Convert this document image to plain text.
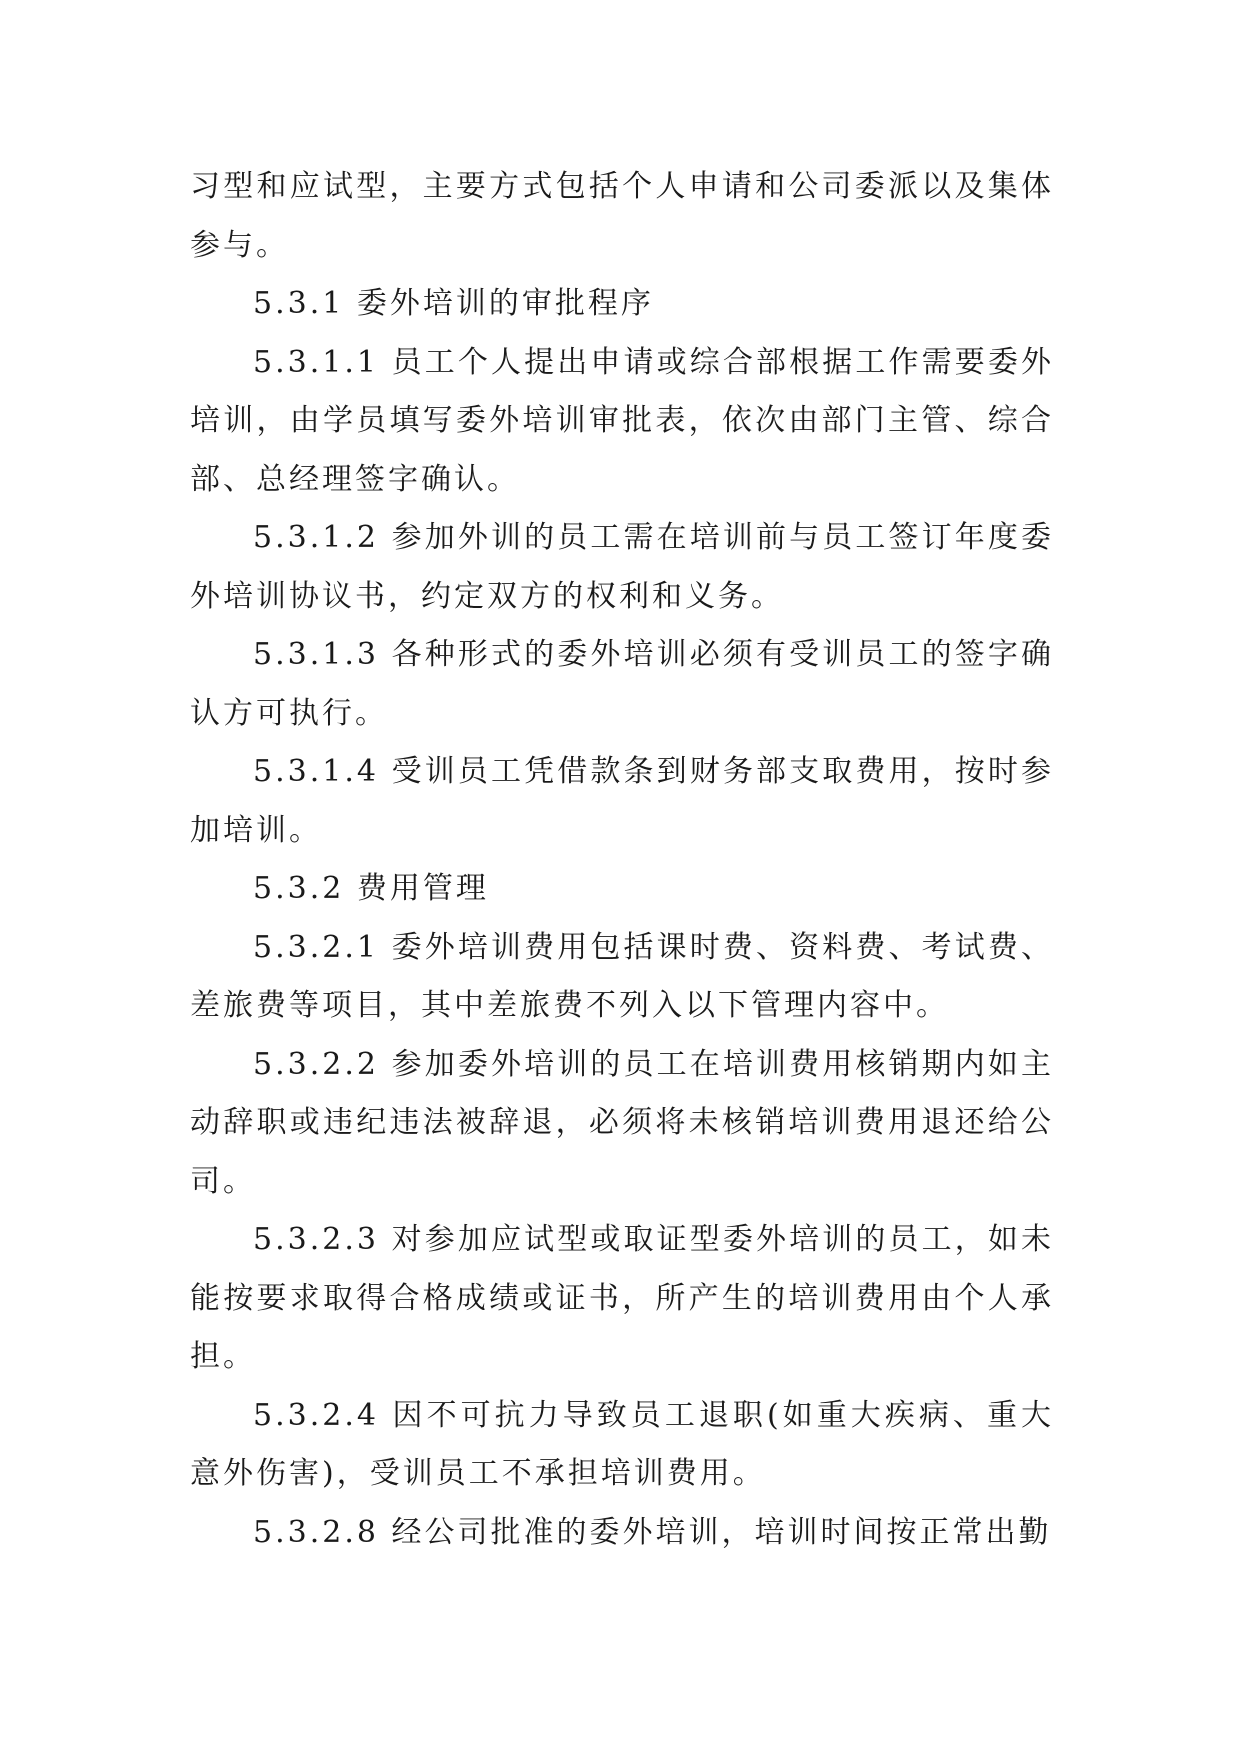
习型和应试型，主要方式包括个人申请和公司委派以及集体参与。

5.3.1 委外培训的审批程序

5.3.1.1 员工个人提出申请或综合部根据工作需要委外培训，由学员填写委外培训审批表，依次由部门主管、综合部、总经理签字确认。

5.3.1.2 参加外训的员工需在培训前与员工签订年度委外培训协议书，约定双方的权利和义务。

5.3.1.3 各种形式的委外培训必须有受训员工的签字确认方可执行。

5.3.1.4 受训员工凭借款条到财务部支取费用，按时参加培训。

5.3.2 费用管理

5.3.2.1 委外培训费用包括课时费、资料费、考试费、差旅费等项目，其中差旅费不列入以下管理内容中。

5.3.2.2 参加委外培训的员工在培训费用核销期内如主动辞职或违纪违法被辞退，必须将未核销培训费用退还给公司。

5.3.2.3 对参加应试型或取证型委外培训的员工，如未能按要求取得合格成绩或证书，所产生的培训费用由个人承担。

5.3.2.4 因不可抗力导致员工退职(如重大疾病、重大意外伤害)，受训员工不承担培训费用。

5.3.2.8 经公司批准的委外培训，培训时间按正常出勤
